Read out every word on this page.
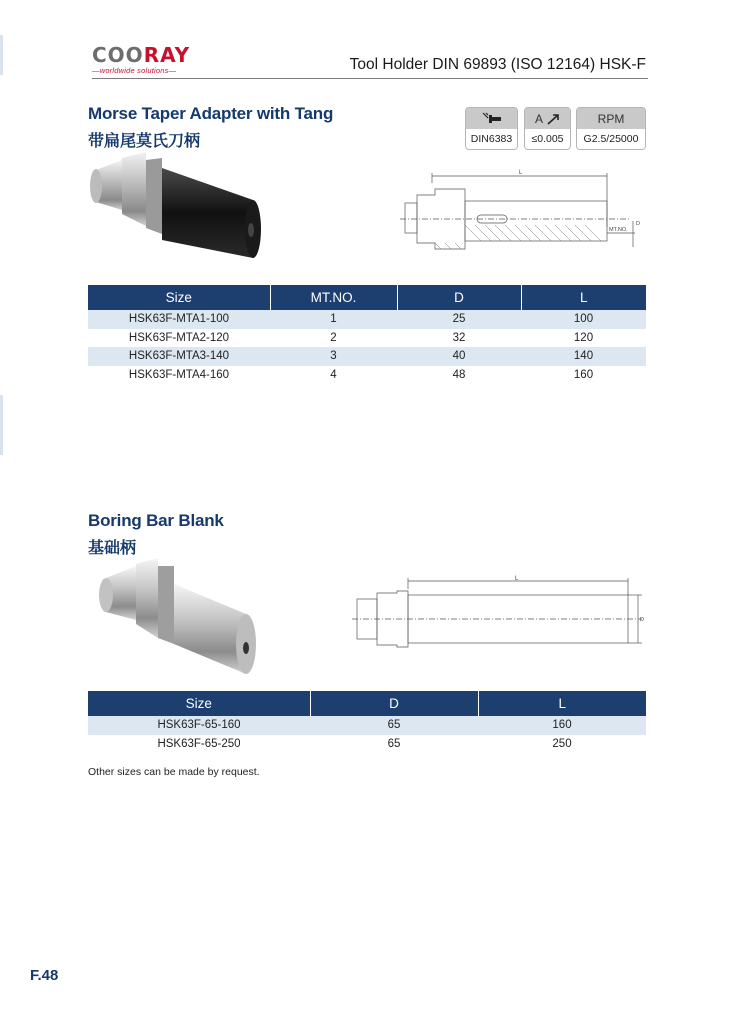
COORAY
—worldwide solutions—	Tool Holder DIN 69893 (ISO 12164) HSK-F
Morse Taper Adapter with Tang
带扁尾莫氏刀柄	DIN6383
A
≤0.005
RPM
G2.5/25000
L
MT.NO.
D
Size	MT.NO.	D	L
HSK63F-MTA1-100	1	25	100
HSK63F-MTA2-120	2	32	120
HSK63F-MTA3-140	3	40	140
HSK63F-MTA4-160	4	48	160
Boring Bar Blank
基础柄
L
D
Size	D	L
HSK63F-65-160	65	160
HSK63F-65-250	65	250
Other sizes can be made by request.
F.48
